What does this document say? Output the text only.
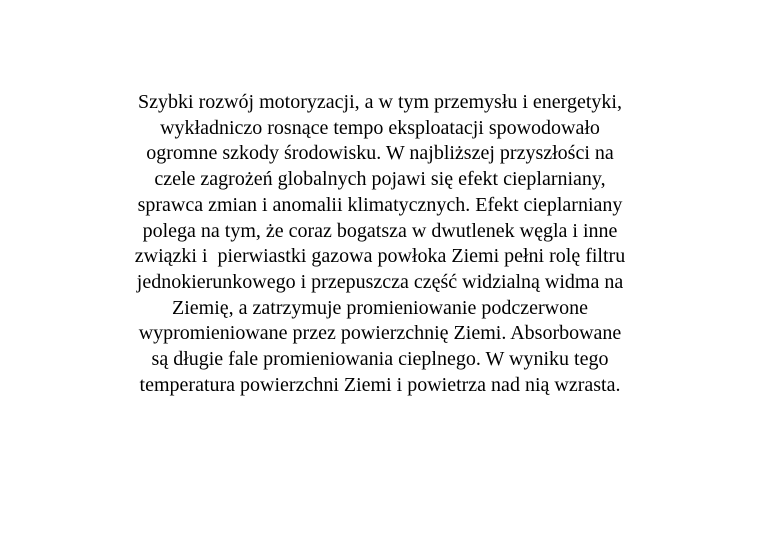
Szybki rozwój motoryzacji, a w tym przemysłu i energetyki,
wykładniczo rosnące tempo eksploatacji spowodowało
ogromne szkody środowisku. W najbliższej przyszłości na
czele zagrożeń globalnych pojawi się efekt cieplarniany,
sprawca zmian i anomalii klimatycznych. Efekt cieplarniany
polega na tym, że coraz bogatsza w dwutlenek węgla i inne
związki i  pierwiastki gazowa powłoka Ziemi pełni rolę filtru
jednokierunkowego i przepuszcza część widzialną widma na
Ziemię, a zatrzymuje promieniowanie podczerwone
wypromieniowane przez powierzchnię Ziemi. Absorbowane
są długie fale promieniowania cieplnego. W wyniku tego
temperatura powierzchni Ziemi i powietrza nad nią wzrasta.
